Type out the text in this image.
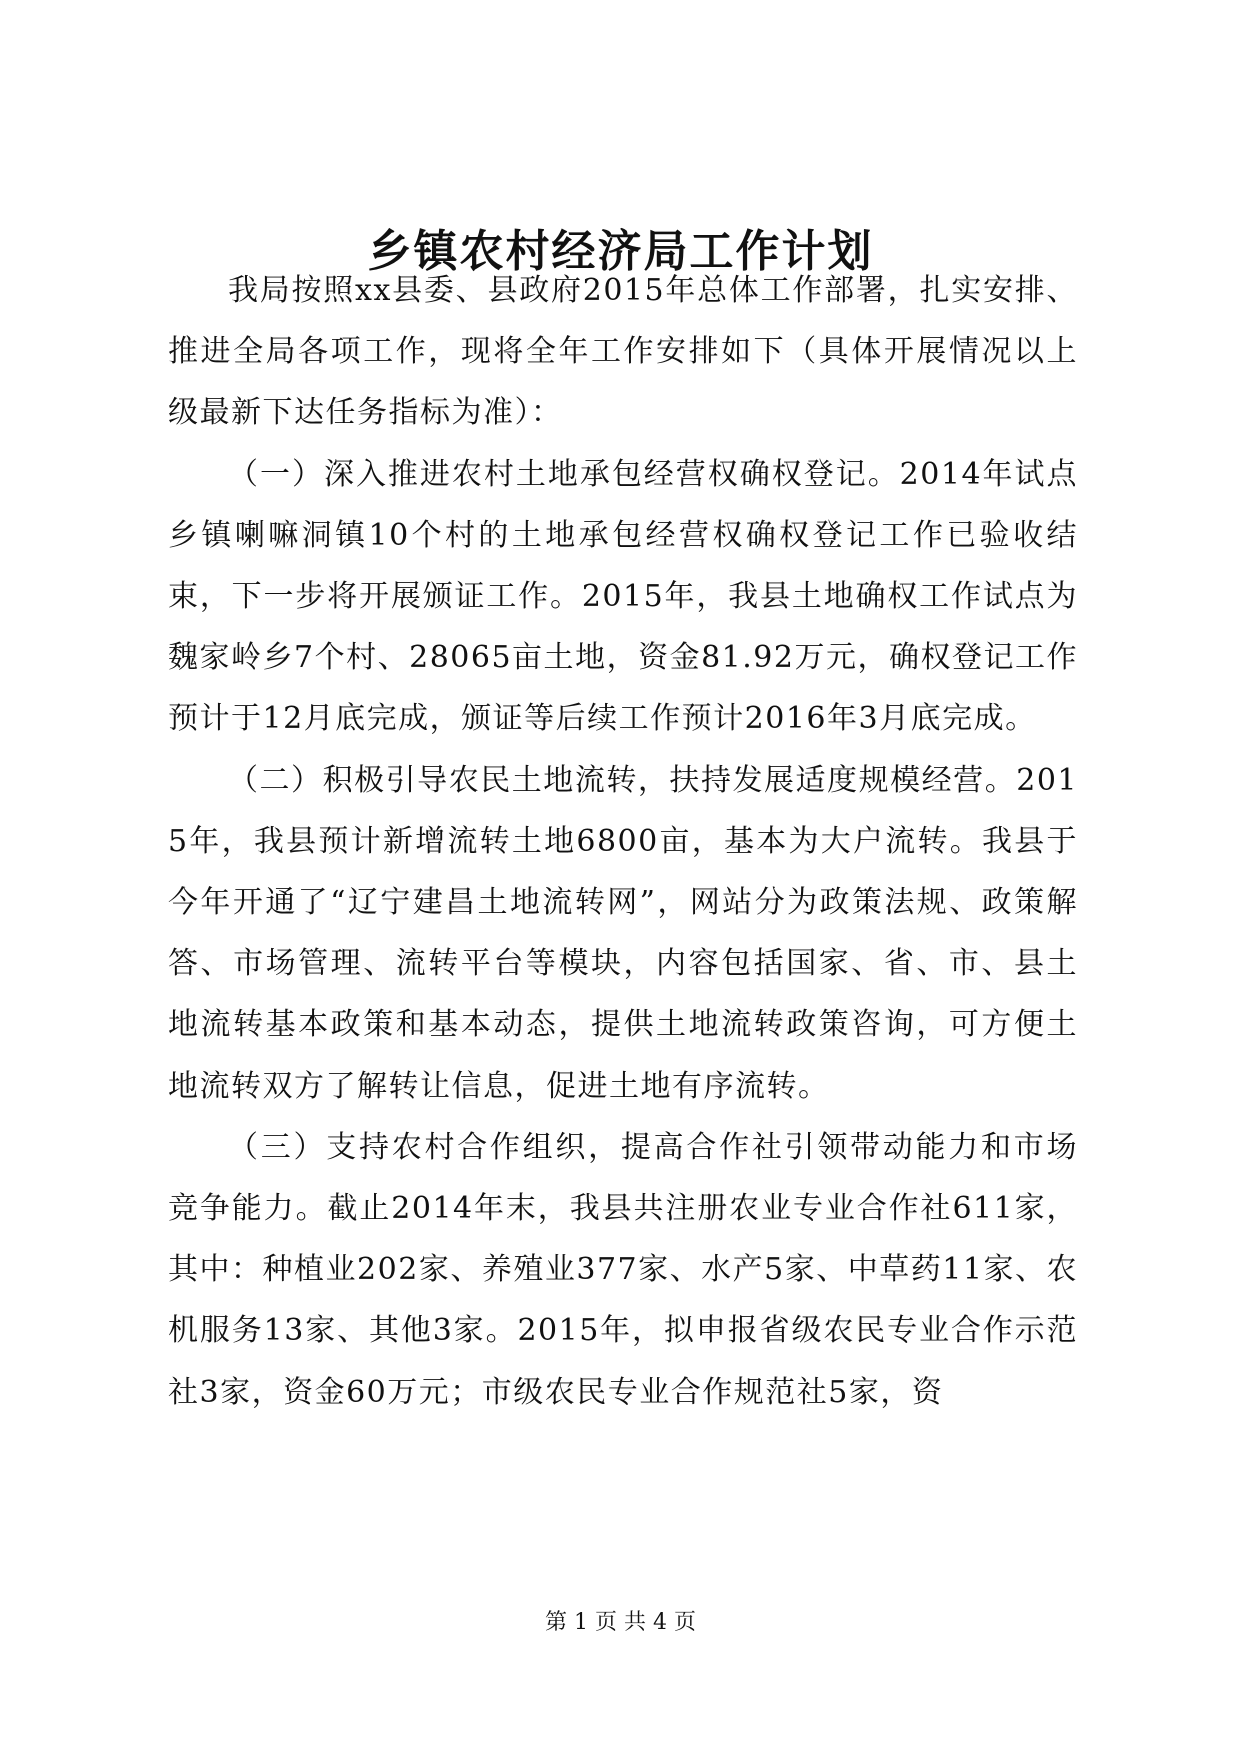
乡镇农村经济局工作计划

我局按照xx县委、县政府2015年总体工作部署，扎实安排、推进全局各项工作，现将全年工作安排如下（具体开展情况以上级最新下达任务指标为准）：

（一）深入推进农村土地承包经营权确权登记。2014年试点乡镇喇嘛洞镇10个村的土地承包经营权确权登记工作已验收结束，下一步将开展颁证工作。2015年，我县土地确权工作试点为魏家岭乡7个村、28065亩土地，资金81.92万元，确权登记工作预计于12月底完成，颁证等后续工作预计2016年3月底完成。

（二）积极引导农民土地流转，扶持发展适度规模经营。2015年，我县预计新增流转土地6800亩，基本为大户流转。我县于今年开通了“辽宁建昌土地流转网”，网站分为政策法规、政策解答、市场管理、流转平台等模块，内容包括国家、省、市、县土地流转基本政策和基本动态，提供土地流转政策咨询，可方便土地流转双方了解转让信息，促进土地有序流转。

（三）支持农村合作组织，提高合作社引领带动能力和市场竞争能力。截止2014年末，我县共注册农业专业合作社611家，其中：种植业202家、养殖业377家、水产5家、中草药11家、农机服务13家、其他3家。2015年，拟申报省级农民专业合作示范社3家，资金60万元；市级农民专业合作规范社5家，资

第 1 页 共 4 页
